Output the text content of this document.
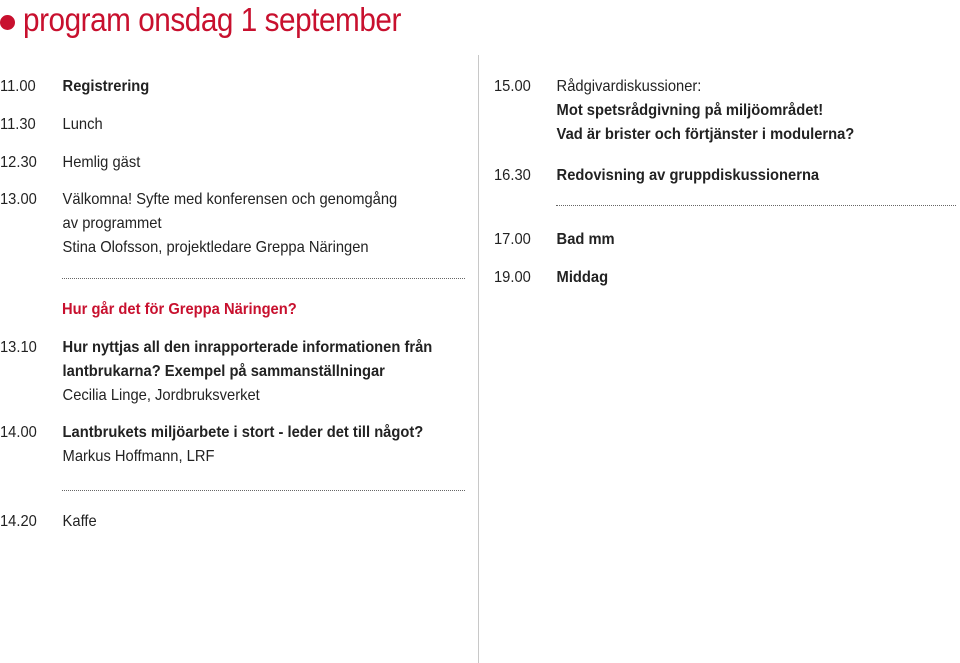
program onsdag 1 september
11.00	Registrering
11.30	Lunch
12.30	Hemlig gäst
13.00	Välkomna! Syfte med konferensen och genomgång
av programmet
Stina Olofsson, projektledare Greppa Näringen
Hur går det för Greppa Näringen?
13.10	Hur nyttjas all den inrapporterade informationen från
lantbrukarna? Exempel på sammanställningar
Cecilia Linge, Jordbruksverket
14.00	Lantbrukets miljöarbete i stort - leder det till något?
Markus Hoffmann, LRF
14.20	Kaffe
15.00	Rådgivardiskussioner:
Mot spetsrådgivning på miljöområdet!
Vad är brister och förtjänster i modulerna?
16.30	Redovisning av gruppdiskussionerna
17.00	Bad mm
19.00	Middag
